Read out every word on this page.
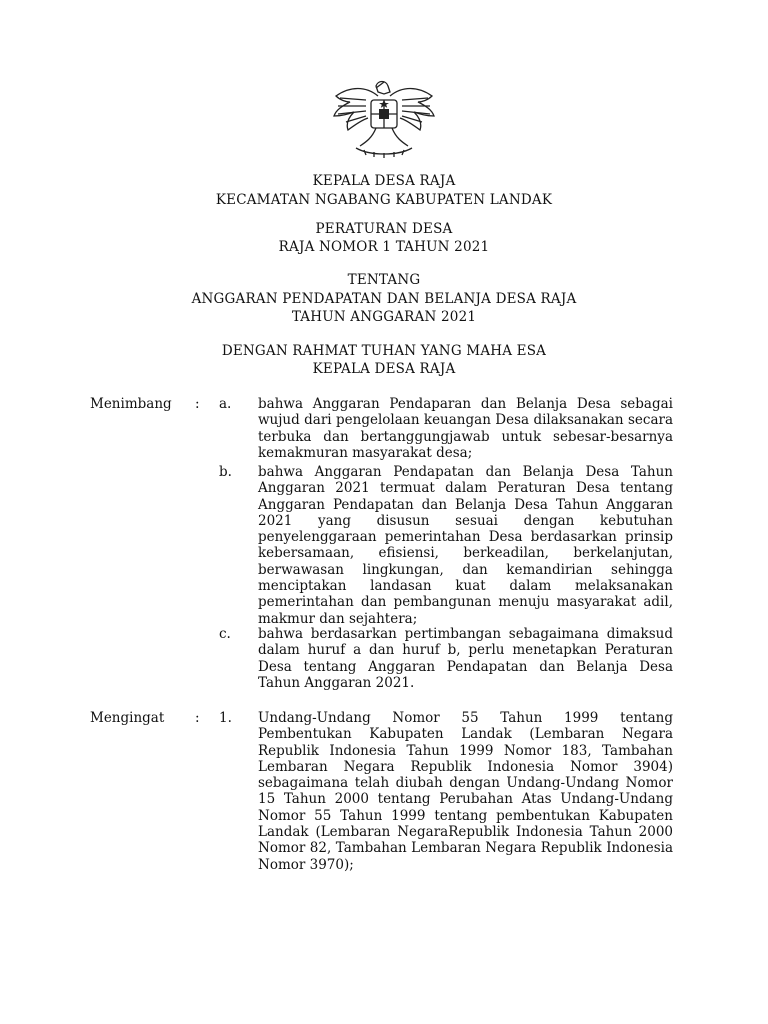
KEPALA DESA RAJA
KECAMATAN NGABANG KABUPATEN LANDAK
PERATURAN DESA
RAJA NOMOR 1 TAHUN 2021
TENTANG
ANGGARAN PENDAPATAN DAN BELANJA DESA RAJA
TAHUN ANGGARAN 2021
DENGAN RAHMAT TUHAN YANG MAHA ESA
KEPALA DESA RAJA
Menimbang : a. bahwa Anggaran Pendaparan dan Belanja Desa sebagai wujud dari pengelolaan keuangan Desa dilaksanakan secara terbuka dan bertanggungjawab untuk sebesar-besarnya kemakmuran masyarakat desa;
b. bahwa Anggaran Pendapatan dan Belanja Desa Tahun Anggaran 2021 termuat dalam Peraturan Desa tentang Anggaran Pendapatan dan Belanja Desa Tahun Anggaran 2021 yang disusun sesuai dengan kebutuhan penyelenggaraan pemerintahan Desa berdasarkan prinsip kebersamaan, efisiensi, berkeadilan, berkelanjutan, berwawasan lingkungan, dan kemandirian sehingga menciptakan landasan kuat dalam melaksanakan pemerintahan dan pembangunan menuju masyarakat adil, makmur dan sejahtera;
c. bahwa berdasarkan pertimbangan sebagaimana dimaksud dalam huruf a dan huruf b, perlu menetapkan Peraturan Desa tentang Anggaran Pendapatan dan Belanja Desa Tahun Anggaran 2021.
Mengingat : 1. Undang-Undang Nomor 55 Tahun 1999 tentang Pembentukan Kabupaten Landak (Lembaran Negara Republik Indonesia Tahun 1999 Nomor 183, Tambahan Lembaran Negara Republik Indonesia Nomor 3904) sebagaimana telah diubah dengan Undang-Undang Nomor 15 Tahun 2000 tentang Perubahan Atas Undang-Undang Nomor 55 Tahun 1999 tentang pembentukan Kabupaten Landak (Lembaran NegaraRepublik Indonesia Tahun 2000 Nomor 82, Tambahan Lembaran Negara Republik Indonesia Nomor 3970);
